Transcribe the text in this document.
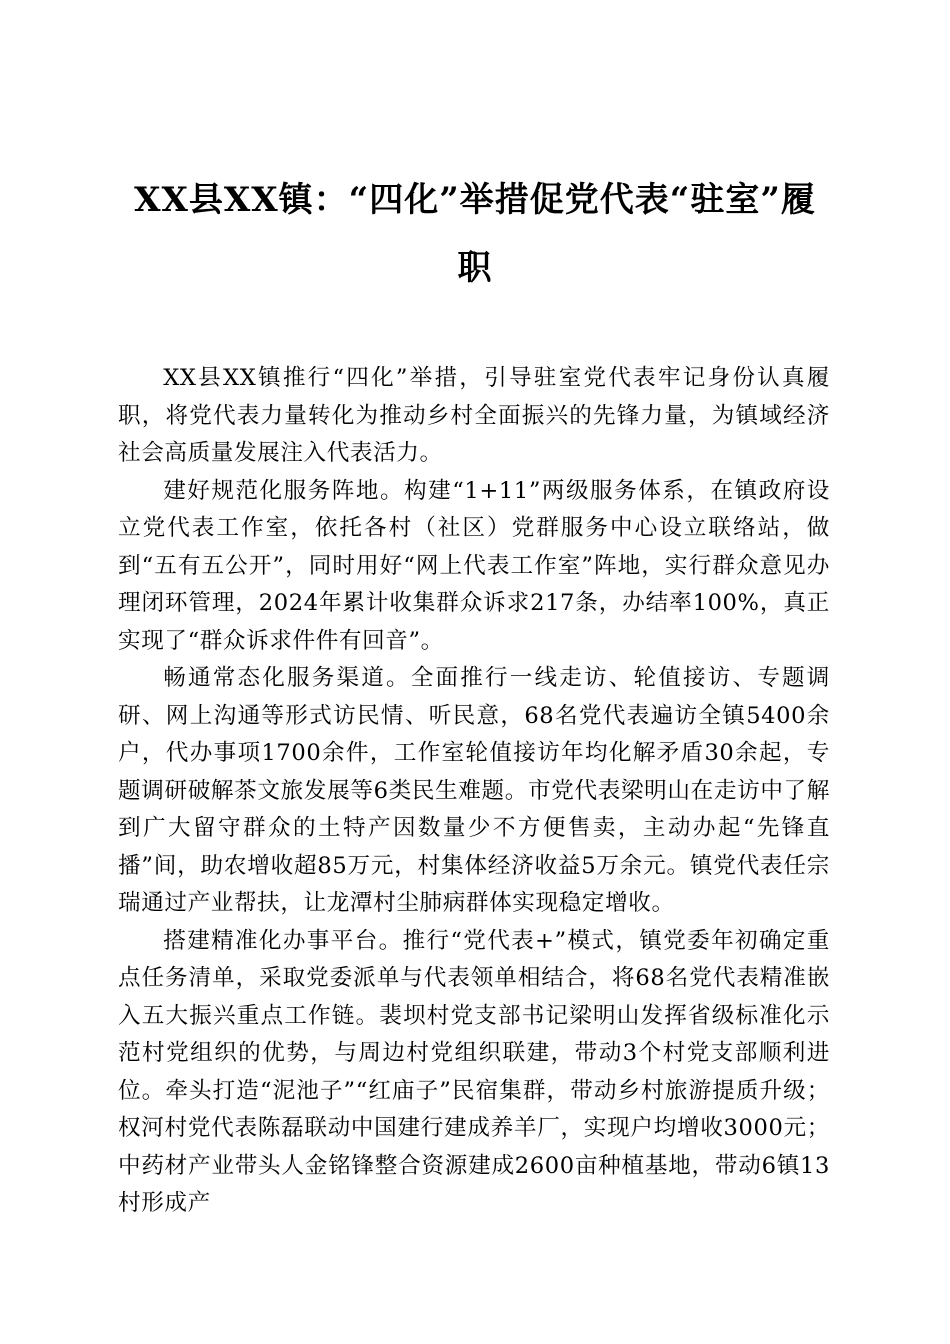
XX县XX镇：“四化”举措促党代表“驻室”履职

XX县XX镇推行“四化”举措，引导驻室党代表牢记身份认真履职，将党代表力量转化为推动乡村全面振兴的先锋力量，为镇域经济社会高质量发展注入代表活力。

建好规范化服务阵地。构建“1+11”两级服务体系，在镇政府设立党代表工作室，依托各村（社区）党群服务中心设立联络站，做到“五有五公开”，同时用好“网上代表工作室”阵地，实行群众意见办理闭环管理，2024年累计收集群众诉求217条，办结率100%，真正实现了“群众诉求件件有回音”。

畅通常态化服务渠道。全面推行一线走访、轮值接访、专题调研、网上沟通等形式访民情、听民意，68名党代表遍访全镇5400余户，代办事项1700余件，工作室轮值接访年均化解矛盾30余起，专题调研破解茶文旅发展等6类民生难题。市党代表梁明山在走访中了解到广大留守群众的土特产因数量少不方便售卖，主动办起“先锋直播”间，助农增收超85万元，村集体经济收益5万余元。镇党代表任宗瑞通过产业帮扶，让龙潭村尘肺病群体实现稳定增收。

搭建精准化办事平台。推行“党代表+”模式，镇党委年初确定重点任务清单，采取党委派单与代表领单相结合，将68名党代表精准嵌入五大振兴重点工作链。裴坝村党支部书记梁明山发挥省级标准化示范村党组织的优势，与周边村党组织联建，带动3个村党支部顺利进位。牵头打造“泥池子”“红庙子”民宿集群，带动乡村旅游提质升级；权河村党代表陈磊联动中国建行建成养羊厂，实现户均增收3000元；中药材产业带头人金铭锋整合资源建成2600亩种植基地，带动6镇13村形成产
